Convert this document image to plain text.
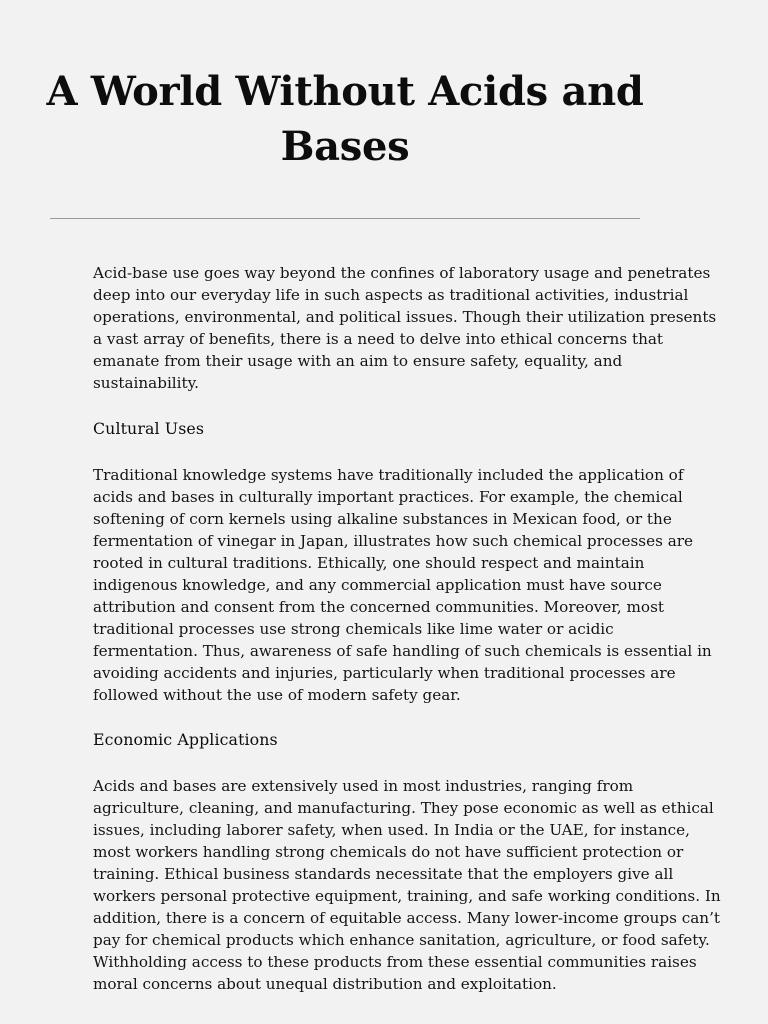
A World Without Acids and Bases

Acid-base use goes way beyond the confines of laboratory usage and penetrates deep into our everyday life in such aspects as traditional activities, industrial operations, environmental, and political issues. Though their utilization presents a vast array of benefits, there is a need to delve into ethical concerns that emanate from their usage with an aim to ensure safety, equality, and sustainability.

Cultural Uses

Traditional knowledge systems have traditionally included the application of acids and bases in culturally important practices. For example, the chemical softening of corn kernels using alkaline substances in Mexican food, or the fermentation of vinegar in Japan, illustrates how such chemical processes are rooted in cultural traditions. Ethically, one should respect and maintain indigenous knowledge, and any commercial application must have source attribution and consent from the concerned communities. Moreover, most traditional processes use strong chemicals like lime water or acidic fermentation. Thus, awareness of safe handling of such chemicals is essential in avoiding accidents and injuries, particularly when traditional processes are followed without the use of modern safety gear.

Economic Applications

Acids and bases are extensively used in most industries, ranging from agriculture, cleaning, and manufacturing. They pose economic as well as ethical issues, including laborer safety, when used. In India or the UAE, for instance, most workers handling strong chemicals do not have sufficient protection or training. Ethical business standards necessitate that the employers give all workers personal protective equipment, training, and safe working conditions. In addition, there is a concern of equitable access. Many lower-income groups can’t pay for chemical products which enhance sanitation, agriculture, or food safety. Withholding access to these products from these essential communities raises moral concerns about unequal distribution and exploitation.
